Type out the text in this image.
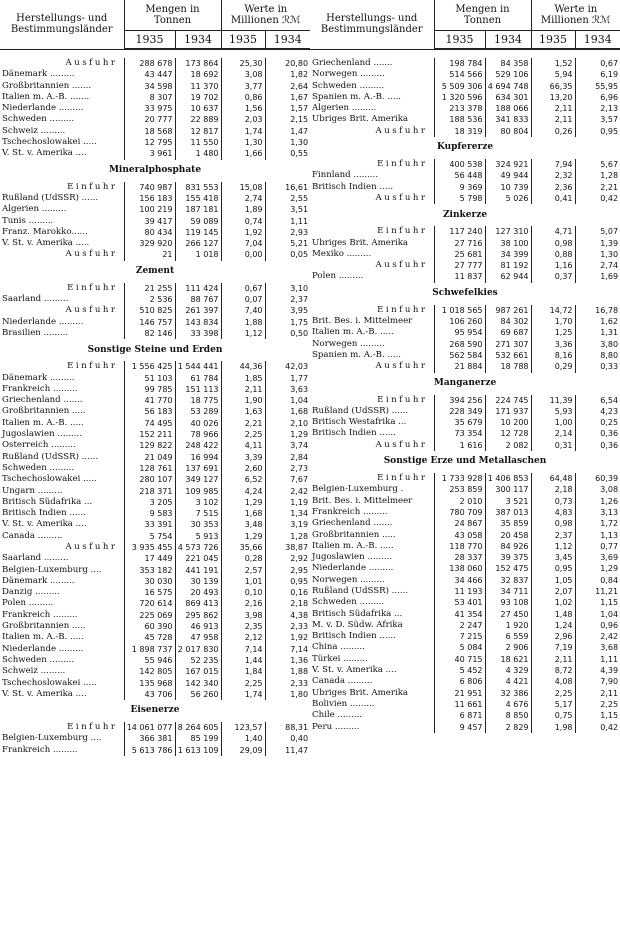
Herstellungs- und Bestimmungsländer	Mengen in Tonnen		Werte in Millionen ℛℳ	
	1935	1934	1935	1934

Ausfuhr	288 678	173 864	25,30	20,80
Dänemark .........	43 447	18 692	3,08	1,82
Großbritannien .......	34 598	11 370	3,77	2,64
Italien m. A.-B. .......	8 307	19 702	0,86	1,67
Niederlande .........	33 975	10 637	1,56	1,57
Schweden .........	20 777	22 889	2,03	2,15
Schweiz .........	18 568	12 817	1,74	1,47
Tschechoslowakei .....	12 795	11 550	1,30	1,30
V. St. v. Amerika ....	3 961	1 480	1,66	0,55
Mineralphosphate				
Einfuhr	740 987	831 553	15,08	16,61
Rußland (UdSSR) ......	156 183	155 418	2,74	2,55
Algerien .........	100 219	187 181	1,89	3,51
Tunis .........	39 417	59 089	0,74	1,11
Franz. Marokko......	80 434	119 145	1,92	2,93
V. St. v. Amerika .....	329 920	266 127	7,04	5,21
Ausfuhr	21	1 018	0,00	0,05
Zement				
Einfuhr	21 255	111 424	0,67	3,10
Saarland .........	2 536	88 767	0,07	2,37
Ausfuhr	510 825	261 397	7,40	3,95
Niederlande .........	146 757	143 834	1,88	1,75
Brasilien .........	82 146	33 398	1,12	0,50
Sonstige Steine und Erden				
Einfuhr	1 556 425	1 544 441	44,36	42,03
Dänemark .........	51 103	61 784	1,85	1,77
Frankreich .........	99 785	151 113	2,11	3,63
Griechenland .......	41 770	18 775	1,90	1,04
Großbritannien .....	56 183	53 289	1,63	1,68
Italien m. A.-B. .....	74 495	40 026	2,21	2,10
Jugoslawien .........	152 211	78 966	2,25	1,29
Österreich .........	129 822	248 422	4,11	3,74
Rußland (UdSSR) ......	21 049	16 994	3,39	2,84
Schweden .........	128 761	137 691	2,60	2,73
Tschechoslowakei .....	280 107	349 127	6,52	7,67
Ungarn .........	218 371	109 985	4,24	2,42
Britisch Südafrika ...	3 205	3 102	1,29	1,19
Britisch Indien ......	9 583	7 515	1,68	1,34
V. St. v. Amerika ....	33 391	30 353	3,48	3,19
Canada .........	5 754	5 913	1,29	1,28
Ausfuhr	3 935 455	4 573 726	35,66	38,87
Saarland .........	17 449	221 045	0,28	2,92
Belgien-Luxemburg ....	353 182	441 191	2,57	2,95
Dänemark .........	30 030	30 139	1,01	0,95
Danzig .........	16 575	20 493	0,10	0,16
Polen .........	720 614	869 413	2,16	2,18
Frankreich .........	225 069	295 862	3,98	4,38
Großbritannien .....	60 390	46 913	2,35	2,33
Italien m. A.-B. .....	45 728	47 958	2,12	1,92
Niederlande .........	1 898 737	2 017 830	7,14	7,14
Schweden .........	55 946	52 235	1,44	1,36
Schweiz .........	142 805	167 015	1,84	1,88
Tschechoslowakei .....	135 968	142 340	2,25	2,33
V. St. v. Amerika ....	43 706	56 260	1,74	1,80
Eisenerze				
Einfuhr	14 061 077	8 264 605	123,57	88,31
Belgien-Luxemburg ....	366 381	85 199	1,40	0,40
Frankreich .........	5 613 786	1 613 109	29,09	11,47
Herstellungs- und Bestimmungsländer	Mengen in Tonnen		Werte in Millionen ℛℳ	
	1935	1934	1935	1934

Griechenland .......	198 784	84 358	1,52	0,67
Norwegen .........	514 566	529 106	5,94	6,19
Schweden .........	5 509 306	4 694 748	66,35	55,95
Spanien m. A.-B. .....	1 320 596	634 301	13,20	6,96
Algerien .........	213 378	188 066	2,11	2,13
Übriges Brit. Amerika	188 536	341 833	2,11	3,57
Ausfuhr	18 319	80 804	0,26	0,95
Kupfererze				
Einfuhr	400 538	324 921	7,94	5,67
Finnland .........	56 448	49 944	2,32	1,28
Britisch Indien .....	9 369	10 739	2,36	2,21
Ausfuhr	5 798	5 026	0,41	0,42
Zinkerze				
Einfuhr	117 240	127 310	4,71	5,07
Übriges Brit. Amerika	27 716	38 100	0,98	1,39
Mexiko .........	25 681	34 399	0,88	1,30
Ausfuhr	27 777	81 192	1,16	2,74
Polen .........	11 837	62 944	0,37	1,69
Schwefelkies				
Einfuhr	1 018 565	987 261	14,72	16,78
Brit. Bes. i. Mittelmeer	106 260	84 302	1,70	1,62
Italien m. A.-B. .....	95 954	69 687	1,25	1,31
Norwegen .........	268 590	271 307	3,36	3,80
Spanien m. A.-B. .....	562 584	532 661	8,16	8,80
Ausfuhr	21 884	18 788	0,29	0,33
Manganerze				
Einfuhr	394 256	224 745	11,39	6,54
Rußland (UdSSR) ......	228 349	171 937	5,93	4,23
Britisch Westafrika ...	35 679	10 200	1,00	0,25
Britisch Indien ......	73 354	12 728	2,14	0,36
Ausfuhr	1 616	2 082	0,31	0,36
Sonstige Erze und Metallaschen				
Einfuhr	1 733 928	1 406 853	64,48	60,39
Belgien-Luxemburg .	253 859	300 117	2,18	3,08
Brit. Bes. i. Mittelmeer	2 010	3 521	0,73	1,26
Frankreich .........	780 709	387 013	4,83	3,13
Griechenland .......	24 867	35 859	0,98	1,72
Großbritannien .....	43 058	20 458	2,37	1,13
Italien m. A.-B. .....	118 770	84 926	1,12	0,77
Jugoslawien .........	28 337	39 375	3,45	3,69
Niederlande .........	138 060	152 475	0,95	1,29
Norwegen .........	34 466	32 837	1,05	0,84
Rußland (UdSSR) ......	11 193	34 711	2,07	11,21
Schweden .........	53 401	93 108	1,02	1,15
Britisch Südafrika ...	41 354	27 450	1,48	1,04
M. v. D. Südw. Afrika	2 247	1 920	1,24	0,96
Britisch Indien ......	7 215	6 559	2,96	2,42
China .........	5 084	2 906	7,19	3,68
Türkei .........	40 715	18 621	2,11	1,11
V. St. v. Amerika ....	5 452	4 329	8,72	4,39
Canada .........	6 806	4 421	4,08	7,90
Übriges Brit. Amerika	21 951	32 386	2,25	2,11
Bolivien .........	11 661	4 676	5,17	2,25
Chile .........	6 871	8 850	0,75	1,15
Peru .........	9 457	2 829	1,98	0,42
